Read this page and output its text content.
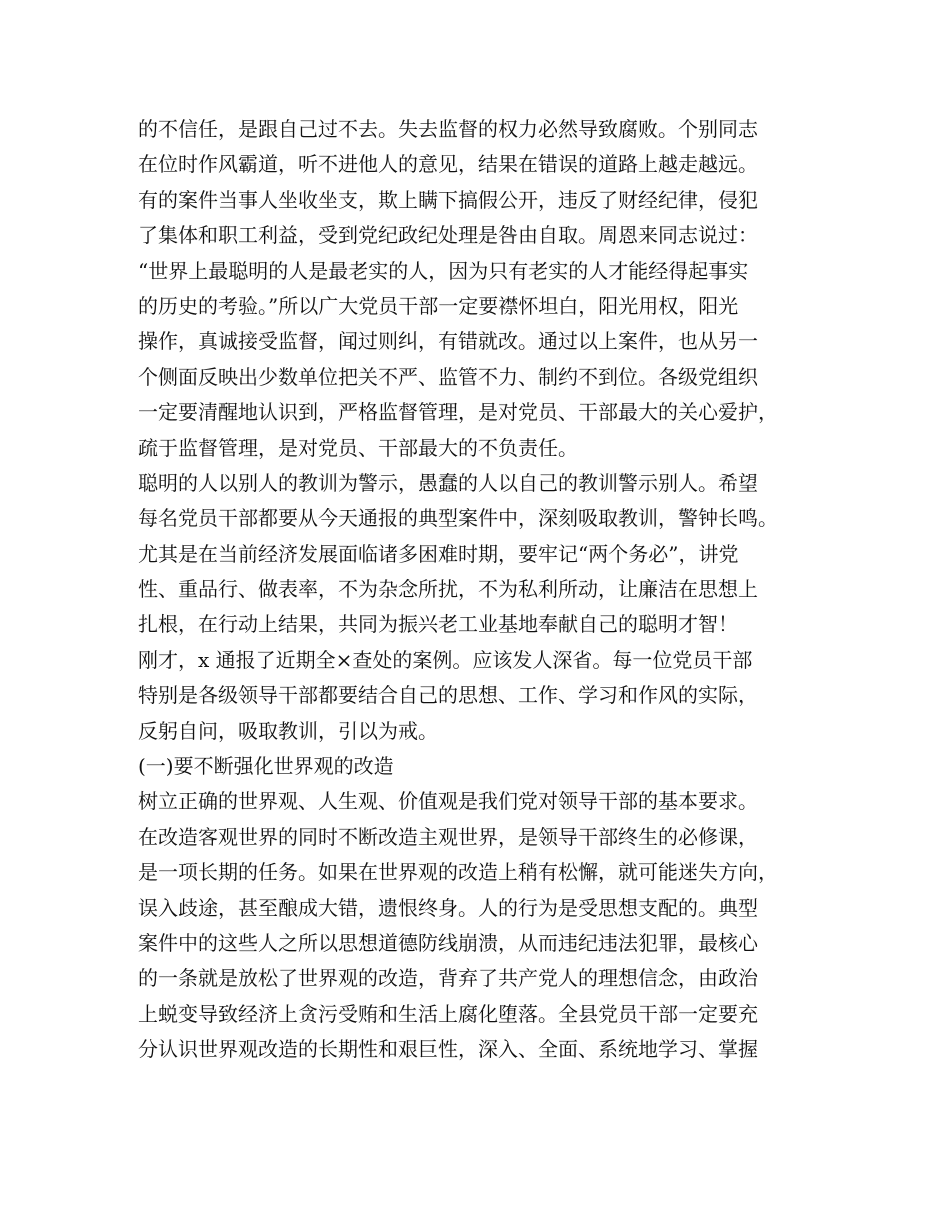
的不信任，是跟自己过不去。失去监督的权力必然导致腐败。个别同志
在位时作风霸道，听不进他人的意见，结果在错误的道路上越走越远。
有的案件当事人坐收坐支，欺上瞒下搞假公开，违反了财经纪律，侵犯
了集体和职工利益，受到党纪政纪处理是咎由自取。周恩来同志说过：
“世界上最聪明的人是最老实的人，因为只有老实的人才能经得起事实
的历史的考验。”所以广大党员干部一定要襟怀坦白，阳光用权，阳光
操作，真诚接受监督，闻过则纠，有错就改。通过以上案件，也从另一
个侧面反映出少数单位把关不严、监管不力、制约不到位。各级党组织
一定要清醒地认识到，严格监督管理，是对党员、干部最大的关心爱护，
疏于监督管理，是对党员、干部最大的不负责任。
聪明的人以别人的教训为警示，愚蠢的人以自己的教训警示别人。希望
每名党员干部都要从今天通报的典型案件中，深刻吸取教训，警钟长鸣。
尤其是在当前经济发展面临诸多困难时期，要牢记“两个务必”，讲党
性、重品行、做表率，不为杂念所扰，不为私利所动，让廉洁在思想上
扎根，在行动上结果，共同为振兴老工业基地奉献自己的聪明才智！
刚才，x 通报了近期全×查处的案例。应该发人深省。每一位党员干部
特别是各级领导干部都要结合自己的思想、工作、学习和作风的实际，
反躬自问，吸取教训，引以为戒。
(一)要不断强化世界观的改造
树立正确的世界观、人生观、价值观是我们党对领导干部的基本要求。
在改造客观世界的同时不断改造主观世界，是领导干部终生的必修课，
是一项长期的任务。如果在世界观的改造上稍有松懈，就可能迷失方向，
误入歧途，甚至酿成大错，遗恨终身。人的行为是受思想支配的。典型
案件中的这些人之所以思想道德防线崩溃，从而违纪违法犯罪，最核心
的一条就是放松了世界观的改造，背弃了共产党人的理想信念，由政治
上蜕变导致经济上贪污受贿和生活上腐化堕落。全县党员干部一定要充
分认识世界观改造的长期性和艰巨性，深入、全面、系统地学习、掌握
